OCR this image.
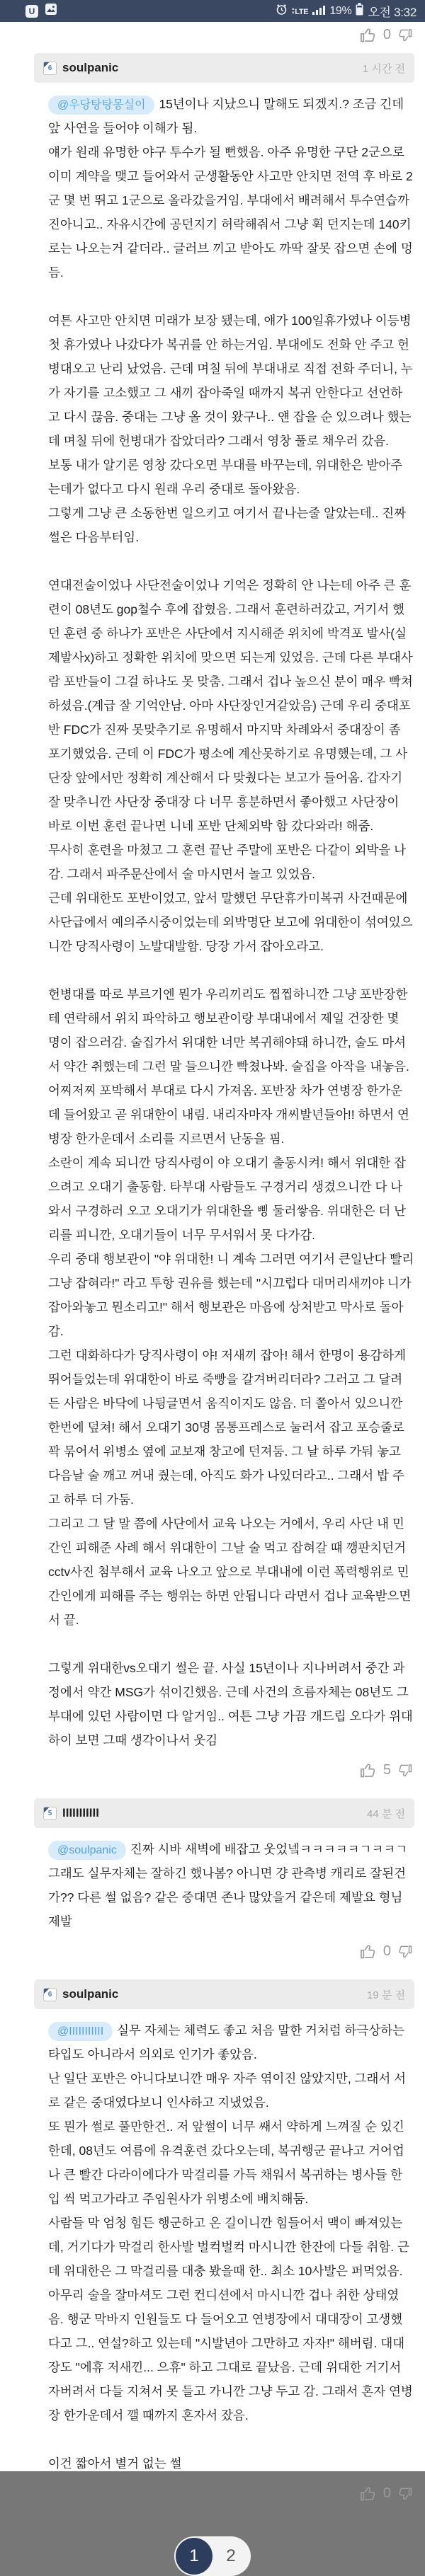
U	▴
▾ LTE 19% 오전 3:32
0
6 soulpanic	1 시간 전

@우당탕탕몽실이 15년이나 지났으니 말해도 되겠지.? 조금 긴데 앞 사연을 들어야 이해가 됨.

얘가 원래 유명한 야구 투수가 될 뻔했음. 아주 유명한 구단 2군으로 이미 계약을 맺고 들어와서 군생활동안 사고만 안치면 전역 후 바로 2군 몇 번 뛰고 1군으로 올라갔을거임. 부대에서 배려해서 투수연습까진아니고.. 자유시간에 공던지기 허락해줘서 그냥 휙 던지는데 140키로는 나오는거 같더라.. 글러브 끼고 받아도 까딱 잘못 잡으면 손에 멍 듬.

여튼 사고만 안치면 미래가 보장 됐는데, 얘가 100일휴가였나 이등병 첫 휴가였나 나갔다가 복귀를 안 하는거임. 부대에도 전화 안 주고 헌병대오고 난리 났었음. 근데 며칠 뒤에 부대내로 직접 전화 주더니, 누가 자기를 고소했고 그 새끼 잡아죽일 때까지 복귀 안한다고 선언하고 다시 끊음. 중대는 그냥 올 것이 왔구나.. 얜 잡을 순 있으려나 했는데 며칠 뒤에 헌병대가 잡았더라? 그래서 영창 풀로 채우러 갔음.

보통 내가 알기론 영창 갔다오면 부대를 바꾸는데, 위대한은 받아주는데가 없다고 다시 원래 우리 중대로 돌아왔음.

그렇게 그냥 큰 소동한번 일으키고 여기서 끝나는줄 알았는데.. 진짜 썰은 다음부터임.

연대전술이었나 사단전술이었나 기억은 정확히 안 나는데 아주 큰 훈련이 08년도 gop철수 후에 잡혔음. 그래서 훈련하러갔고, 거기서 했던 훈련 중 하나가 포반은 사단에서 지시해준 위치에 박격포 발사(실제발사x)하고 정확한 위치에 맞으면 되는게 있었음. 근데 다른 부대사람 포반들이 그걸 하나도 못 맞춤. 그래서 겁나 높으신 분이 매우 빡쳐하셨음.(계급 잘 기억안남. 아마 사단장인거같았음) 근데 우리 중대포반 FDC가 진짜 못맞추기로 유명해서 마지막 차례와서 중대장이 좀 포기했었음. 근데 이 FDC가 평소에 계산못하기로 유명했는데, 그 사단장 앞에서만 정확히 계산해서 다 맞췄다는 보고가 들어옴. 갑자기 잘 맞추니깐 사단장 중대장 다 너무 흥분하면서 좋아했고 사단장이 바로 이번 훈련 끝나면 니네 포반 단체외박 함 갔다와라! 해줌.

무사히 훈련을 마쳤고 그 훈련 끝난 주말에 포반은 다같이 외박을 나감. 그래서 파주문산에서 술 마시면서 놀고 있었음.

근데 위대한도 포반이었고, 앞서 말했던 무단휴가미복귀 사건때문에 사단급에서 예의주시중이었는데 외박명단 보고에 위대한이 섞여있으니깐 당직사령이 노발대발함. 당장 가서 잡아오라고.

헌병대를 따로 부르기엔 뭔가 우리끼리도 찝찝하니깐 그냥 포반장한테 연락해서 위치 파악하고 행보관이랑 부대내에서 제일 건장한 몇 명이 잡으러감. 술집가서 위대한 너만 복귀해야돼 하니깐, 술도 마셔서 약간 취했는데 그런 말 들으니깐 빡쳤나봐. 술집을 아작을 내놓음. 어찌저찌 포박해서 부대로 다시 가져옴. 포반장 차가 연병장 한가운데 들어왔고 곧 위대한이 내림. 내리자마자 개씨발년들아!! 하면서 연병장 한가운데서 소리를 지르면서 난동을 핌.

소란이 계속 되니깐 당직사령이 야 오대기 출동시켜! 해서 위대한 잡으려고 오대기 출동함. 타부대 사람들도 구경거리 생겼으니깐 다 나와서 구경하러 오고 오대기가 위대한을 삥 둘러쌓음. 위대한은 더 난리를 피니깐, 오대기들이 너무 무서워서 못 다가감.

우리 중대 행보관이 "야 위대한! 니 계속 그러면 여기서 큰일난다 빨리 그냥 잡혀라!" 라고 투항 권유를 했는데 "시끄럽다 대머리새끼야 니가 잡아와놓고 뭔소리고!" 해서 행보관은 마음에 상처받고 막사로 돌아감.

그런 대화하다가 당직사령이 야! 저새끼 잡아! 해서 한명이 용감하게 뛰어들었는데 위대한이 바로 죽빵을 갈겨버리더라? 그러고 그 달려든 사람은 바닥에 나뒹글면서 움직이지도 않음. 더 쫄아서 있으니깐 한번에 덮쳐! 해서 오대기 30명 몸통프레스로 눌러서 잡고 포승줄로 꽉 묶어서 위병소 옆에 교보재 창고에 던져둠. 그 날 하루 가둬 놓고 다음날 술 깨고 꺼내 줬는데, 아직도 화가 나있더라고.. 그래서 밥 주고 하루 더 가둠.

그리고 그 달 말 쯤에 사단에서 교육 나오는 거에서, 우리 사단 내 민간인 피해준 사례 해서 위대한이 그날 술 먹고 잡혀갈 떄 깽판치던거 cctv사진 첨부해서 교육 나오고 앞으로 부대내에 이런 폭력행위로 민간인에게 피해를 주는 행위는 하면 안됩니다 라면서 겁나 교육받으면서 끝.

그렇게 위대한vs오대기 썰은 끝. 사실 15년이나 지나버려서 중간 과정에서 약간 MSG가 섞이긴했음. 근데 사건의 흐름자체는 08년도 그 부대에 있던 사람이면 다 알거임.. 여튼 그냥 가끔 개드립 오다가 위대하이 보면 그때 생각이나서 웃김

5
5 IIIIIIIIIII	44 분 전

@soulpanic 진짜 시바 새벽에 배잡고 웃었넼ㅋㅋㅋㅋㅋㄱㅋㅋㄱ그래도 실무자체는 잘하긴 했나봄? 아니면 걍 관측병 캐리로 잘된건가?? 다른 썰 없음? 같은 중대면 존나 많았을거 같은데 제발요 형님 제발

0
6 soulpanic	19 분 전

@IIIIIIIIIII 실무 자체는 체력도 좋고 처음 말한 거처럼 하극상하는 타입도 아니라서 의외로 인기가 좋았음.

난 일단 포반은 아니다보니깐 매우 자주 엮이진 않았지만, 그래서 서로 같은 중대였다보니 인사하고 지냈었음.

또 뭔가 썰로 풀만한건.. 저 앞썰이 너무 쌔서 약하게 느껴질 순 있긴한데, 08년도 여름에 유격훈련 갔다오는데, 복귀행군 끝나고 거어업나 큰 빨간 다라이에다가 막걸리를 가득 채워서 복귀하는 병사들 한입 씩 먹고가라고 주임원사가 위병소에 배치해둠.

사람들 막 엄청 힘든 행군하고 온 길이니깐 힘들어서 맥이 빠져있는데, 거기다가 막걸리 한사발 벌컥벌컥 마시니깐 한잔에 다들 취함. 근데 위대한은 그 막걸리를 대충 봤을때 한.. 최소 10사발은 퍼먹었음. 아무리 술을 잘마셔도 그런 컨디션에서 마시니깐 겁나 취한 상태였음. 행군 막바지 인원들도 다 들어오고 연병장에서 대대장이 고생했다고 그.. 연설?하고 있는데 "시발년아 그만하고 자자!" 해버림. 대대장도 "에휴 저새낀... 으휴" 하고 그대로 끝났음. 근데 위대한 거기서 자버려서 다들 지쳐서 못 들고 가니깐 그냥 두고 감. 그래서 혼자 연병장 한가운데서 깰 때까지 혼자서 잤음.

이건 짧아서 별거 없는 썰

0
1	2
